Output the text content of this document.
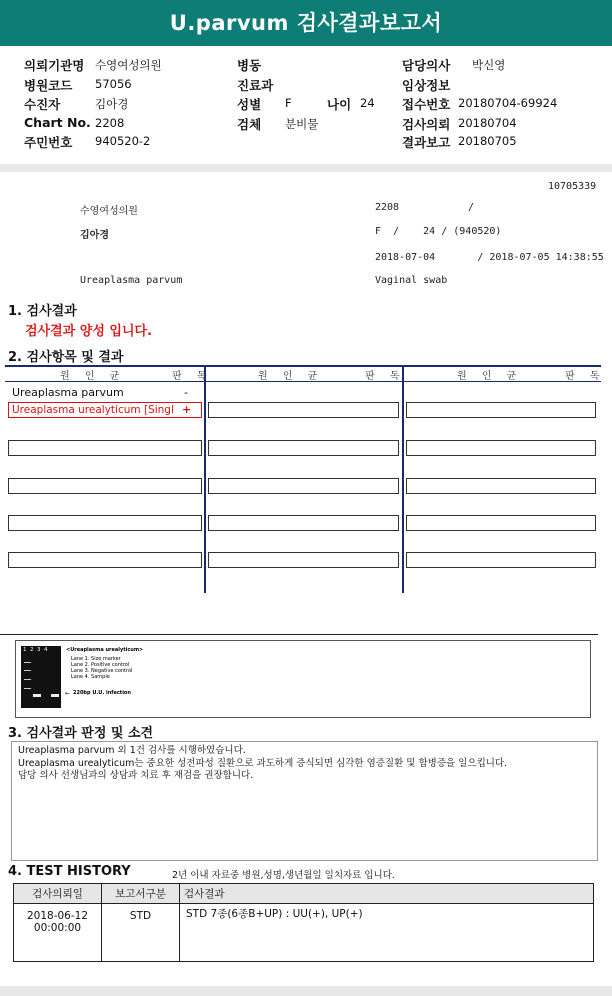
U.parvum 검사결과보고서
의뢰기관명 수영여성의원
병원코드 57056
수진자	김아경
Chart No. 2208
주민번호 940520-2
병동
진료과
성별 F	나이 24
검체 분비물
담당의사 박신영
임상정보
접수번호 20180704-69924
검사의뢰 20180704
결과보고 20180705
10705339
수영여성의원	2208	/
김아경	F  /    24 / (940520)
2018-07-04       / 2018-07-05 14:38:55
Ureaplasma parvum	Vaginal swab
1. 검사결과
검사결과 양성 입니다.
2. 검사항목 및 결과
원 인 균	판 독	원 인 균	판 독	원 인 균	판 독
Ureaplasma parvum	-
Ureaplasma urealyticum [Singl +
1  2  3  4	<Ureaplasma urealyticum>
Lane 1. Size marker
Lane 2. Positive control
Lane 3. Negative control
Lane 4. Sample
← 220bp U.U. infection
3. 검사결과 판정 및 소견
Ureaplasma parvum 외 1건 검사를 시행하였습니다.
Ureaplasma urealyticum는 중요한 성전파성 질환으로 과도하게 증식되면 심각한 염증질환 및 합병증을 일으킵니다.
담당 의사 선생님과의 상담과 치료 후 재검을 권장합니다.
4. TEST HISTORY	2년 이내 자료중 병원,성명,생년월일 일치자료 입니다.
검사의뢰일	보고서구분	검사결과
2018-06-12
00:00:00	STD	STD 7종(6종B+UP) : UU(+), UP(+)
